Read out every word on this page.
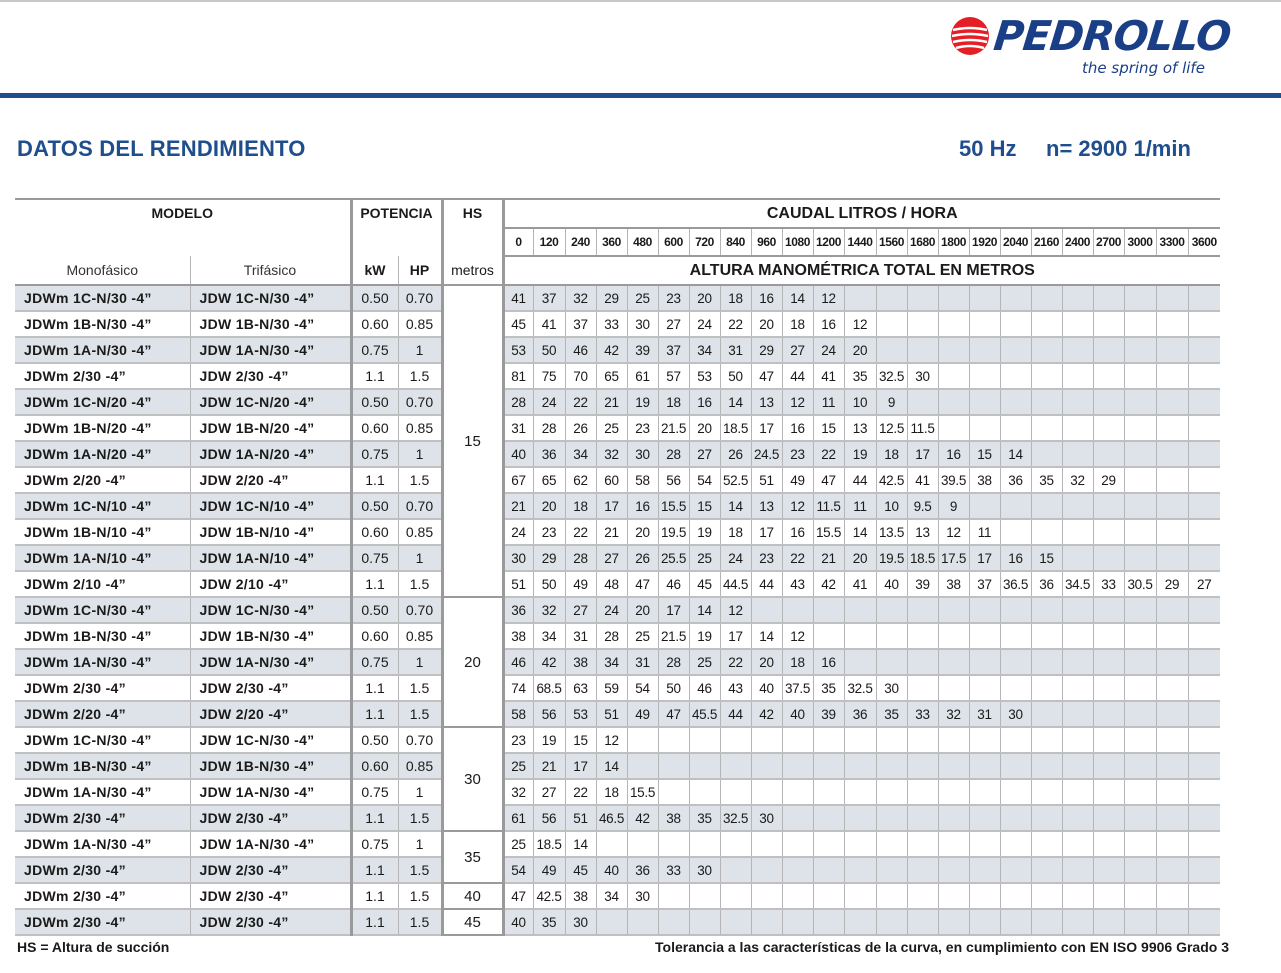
PEDROLLO
the spring of life
DATOS DEL RENDIMIENTO	50 Hz n= 2900 1/min
MODELO		POTENCIA		HS	CAUDAL LITROS / HORA																						
					0	120	240	360	480	600	720	840	960	1080	1200	1440	1560	1680	1800	1920	2040	2160	2400	2700	3000	3300	3600
Monofásico	Trifásico	kW	HP	metros	ALTURA MANOMÉTRICA TOTAL EN METROS																						
JDWm 1C-N/30 -4”	JDW 1C-N/30 -4”	0.50	0.70	15	41	37	32	29	25	23	20	18	16	14	12												
JDWm 1B-N/30 -4”	JDW 1B-N/30 -4”	0.60	0.85		45	41	37	33	30	27	24	22	20	18	16	12											
JDWm 1A-N/30 -4”	JDW 1A-N/30 -4”	0.75	1		53	50	46	42	39	37	34	31	29	27	24	20											
JDWm 2/30 -4”	JDW 2/30 -4”	1.1	1.5		81	75	70	65	61	57	53	50	47	44	41	35	32.5	30									
JDWm 1C-N/20 -4”	JDW 1C-N/20 -4”	0.50	0.70		28	24	22	21	19	18	16	14	13	12	11	10	9										
JDWm 1B-N/20 -4”	JDW 1B-N/20 -4”	0.60	0.85		31	28	26	25	23	21.5	20	18.5	17	16	15	13	12.5	11.5									
JDWm 1A-N/20 -4”	JDW 1A-N/20 -4”	0.75	1		40	36	34	32	30	28	27	26	24.5	23	22	19	18	17	16	15	14						
JDWm 2/20 -4”	JDW 2/20 -4”	1.1	1.5		67	65	62	60	58	56	54	52.5	51	49	47	44	42.5	41	39.5	38	36	35	32	29			
JDWm 1C-N/10 -4”	JDW 1C-N/10 -4”	0.50	0.70		21	20	18	17	16	15.5	15	14	13	12	11.5	11	10	9.5	9								
JDWm 1B-N/10 -4”	JDW 1B-N/10 -4”	0.60	0.85		24	23	22	21	20	19.5	19	18	17	16	15.5	14	13.5	13	12	11							
JDWm 1A-N/10 -4”	JDW 1A-N/10 -4”	0.75	1		30	29	28	27	26	25.5	25	24	23	22	21	20	19.5	18.5	17.5	17	16	15					
JDWm 2/10 -4”	JDW 2/10 -4”	1.1	1.5		51	50	49	48	47	46	45	44.5	44	43	42	41	40	39	38	37	36.5	36	34.5	33	30.5	29	27
JDWm 1C-N/30 -4”	JDW 1C-N/30 -4”	0.50	0.70	20	36	32	27	24	20	17	14	12															
JDWm 1B-N/30 -4”	JDW 1B-N/30 -4”	0.60	0.85		38	34	31	28	25	21.5	19	17	14	12													
JDWm 1A-N/30 -4”	JDW 1A-N/30 -4”	0.75	1		46	42	38	34	31	28	25	22	20	18	16												
JDWm 2/30 -4”	JDW 2/30 -4”	1.1	1.5		74	68.5	63	59	54	50	46	43	40	37.5	35	32.5	30										
JDWm 2/20 -4”	JDW 2/20 -4”	1.1	1.5		58	56	53	51	49	47	45.5	44	42	40	39	36	35	33	32	31	30						
JDWm 1C-N/30 -4”	JDW 1C-N/30 -4”	0.50	0.70	30	23	19	15	12																			
JDWm 1B-N/30 -4”	JDW 1B-N/30 -4”	0.60	0.85		25	21	17	14																			
JDWm 1A-N/30 -4”	JDW 1A-N/30 -4”	0.75	1		32	27	22	18	15.5																		
JDWm 2/30 -4”	JDW 2/30 -4”	1.1	1.5		61	56	51	46.5	42	38	35	32.5	30														
JDWm 1A-N/30 -4”	JDW 1A-N/30 -4”	0.75	1	35	25	18.5	14																				
JDWm 2/30 -4”	JDW 2/30 -4”	1.1	1.5		54	49	45	40	36	33	30																
JDWm 2/30 -4”	JDW 2/30 -4”	1.1	1.5	40	47	42.5	38	34	30																		
JDWm 2/30 -4”	JDW 2/30 -4”	1.1	1.5	45	40	35	30																				
HS = Altura de succión	Tolerancia a las características de la curva, en cumplimiento con EN ISO 9906 Grado 3
